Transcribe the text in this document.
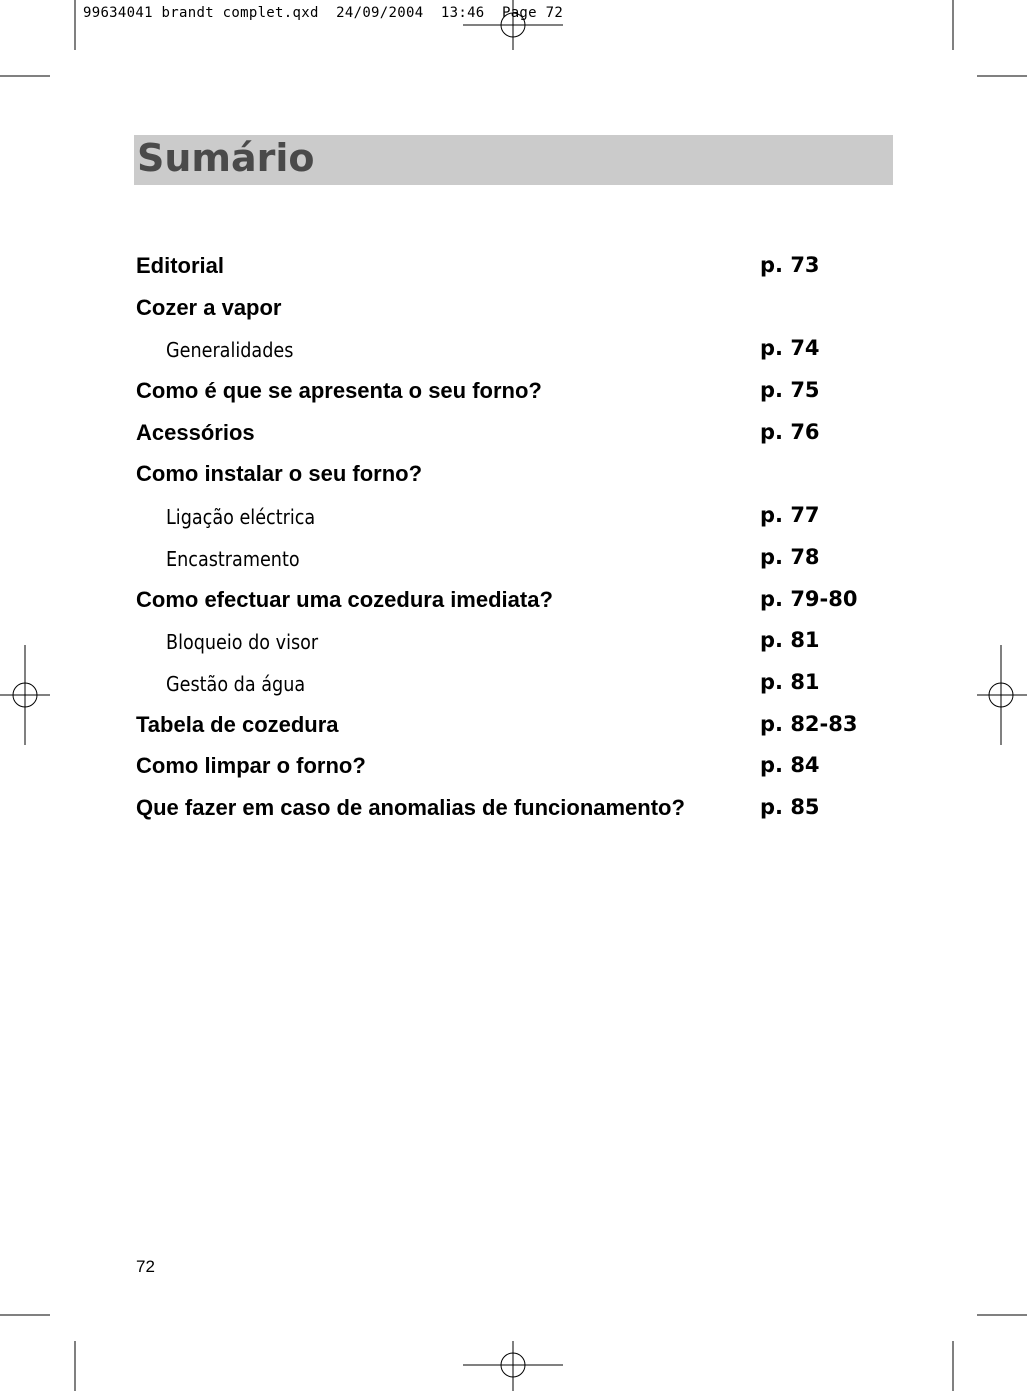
99634041 brandt complet.qxd  24/09/2004  13:46  Page 72
Sumário
Editorial	p. 73
Cozer a vapor
Generalidades	p. 74
Como é que se apresenta o seu forno?	p. 75
Acessórios	p. 76
Como instalar o seu forno?
Ligação eléctrica	p. 77
Encastramento	p. 78
Como efectuar uma cozedura imediata?	p. 79-80
Bloqueio do visor	p. 81
Gestão da água	p. 81
Tabela de cozedura	p. 82-83
Como limpar o forno?	p. 84
Que fazer em caso de anomalias de funcionamento?	p. 85
72
